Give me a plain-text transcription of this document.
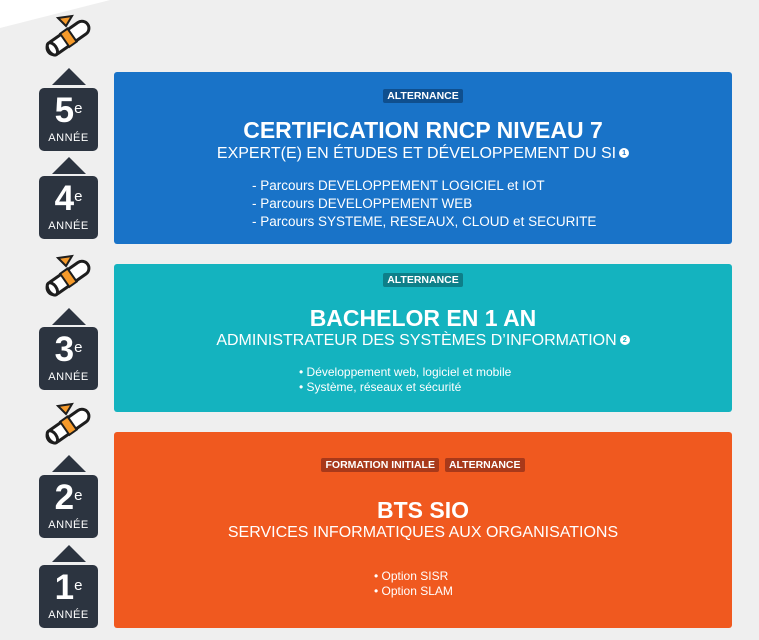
5e
ANNÉE
4e
ANNÉE
3e
ANNÉE
2e
ANNÉE
1e
ANNÉE
ALTERNANCE
CERTIFICATION RNCP NIVEAU 7
EXPERT(E) EN ÉTUDES ET DÉVELOPPEMENT DU SI 1
- Parcours DEVELOPPEMENT LOGICIEL et IOT
- Parcours DEVELOPPEMENT WEB
- Parcours SYSTEME, RESEAUX, CLOUD et SECURITE
ALTERNANCE
BACHELOR EN 1 AN
ADMINISTRATEUR DES SYSTÈMES D’INFORMATION 2
• Développement web, logiciel et mobile
• Système, réseaux et sécurité
FORMATION INITIALE ALTERNANCE
BTS SIO
SERVICES INFORMATIQUES AUX ORGANISATIONS
• Option SISR
• Option SLAM
